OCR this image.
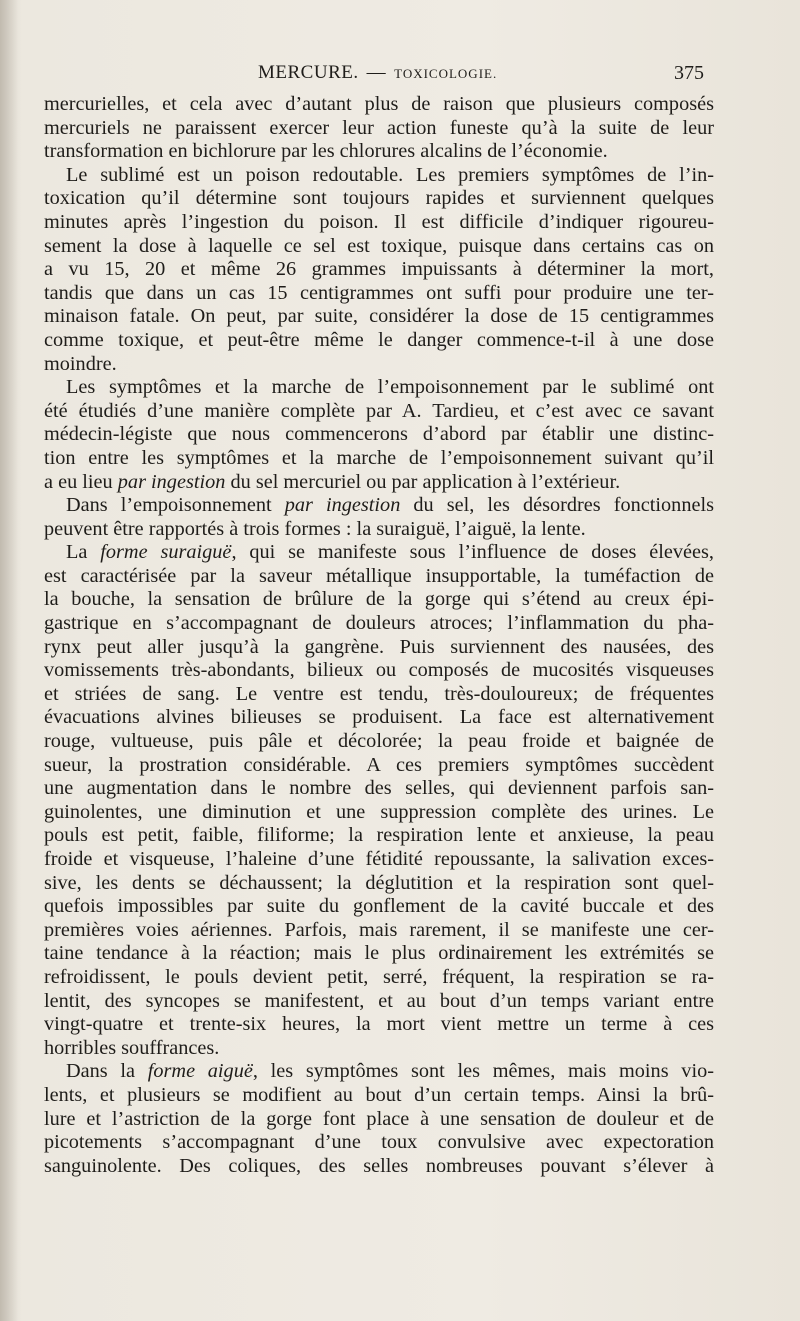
MERCURE. — TOXICOLOGIE.	375
mercurielles, et cela avec d’autant plus de raison que plusieurs composés
mercuriels ne paraissent exercer leur action funeste qu’à la suite de leur
transformation en bichlorure par les chlorures alcalins de l’économie.
Le sublimé est un poison redoutable. Les premiers symptômes de l’in-
toxication qu’il détermine sont toujours rapides et surviennent quelques
minutes après l’ingestion du poison. Il est difficile d’indiquer rigoureu-
sement la dose à laquelle ce sel est toxique, puisque dans certains cas on
a vu 15, 20 et même 26 grammes impuissants à déterminer la mort,
tandis que dans un cas 15 centigrammes ont suffi pour produire une ter-
minaison fatale. On peut, par suite, considérer la dose de 15 centigrammes
comme toxique, et peut-être même le danger commence-t-il à une dose
moindre.
Les symptômes et la marche de l’empoisonnement par le sublimé ont
été étudiés d’une manière complète par A. Tardieu, et c’est avec ce savant
médecin-légiste que nous commencerons d’abord par établir une distinc-
tion entre les symptômes et la marche de l’empoisonnement suivant qu’il
a eu lieu par ingestion du sel mercuriel ou par application à l’extérieur.
Dans l’empoisonnement par ingestion du sel, les désordres fonctionnels
peuvent être rapportés à trois formes : la suraiguë, l’aiguë, la lente.
La forme suraiguë, qui se manifeste sous l’influence de doses élevées,
est caractérisée par la saveur métallique insupportable, la tuméfaction de
la bouche, la sensation de brûlure de la gorge qui s’étend au creux épi-
gastrique en s’accompagnant de douleurs atroces; l’inflammation du pha-
rynx peut aller jusqu’à la gangrène. Puis surviennent des nausées, des
vomissements très-abondants, bilieux ou composés de mucosités visqueuses
et striées de sang. Le ventre est tendu, très-douloureux; de fréquentes
évacuations alvines bilieuses se produisent. La face est alternativement
rouge, vultueuse, puis pâle et décolorée; la peau froide et baignée de
sueur, la prostration considérable. A ces premiers symptômes succèdent
une augmentation dans le nombre des selles, qui deviennent parfois san-
guinolentes, une diminution et une suppression complète des urines. Le
pouls est petit, faible, filiforme; la respiration lente et anxieuse, la peau
froide et visqueuse, l’haleine d’une fétidité repoussante, la salivation exces-
sive, les dents se déchaussent; la déglutition et la respiration sont quel-
quefois impossibles par suite du gonflement de la cavité buccale et des
premières voies aériennes. Parfois, mais rarement, il se manifeste une cer-
taine tendance à la réaction; mais le plus ordinairement les extrémités se
refroidissent, le pouls devient petit, serré, fréquent, la respiration se ra-
lentit, des syncopes se manifestent, et au bout d’un temps variant entre
vingt-quatre et trente-six heures, la mort vient mettre un terme à ces
horribles souffrances.
Dans la forme aiguë, les symptômes sont les mêmes, mais moins vio-
lents, et plusieurs se modifient au bout d’un certain temps. Ainsi la brû-
lure et l’astriction de la gorge font place à une sensation de douleur et de
picotements s’accompagnant d’une toux convulsive avec expectoration
sanguinolente. Des coliques, des selles nombreuses pouvant s’élever à
